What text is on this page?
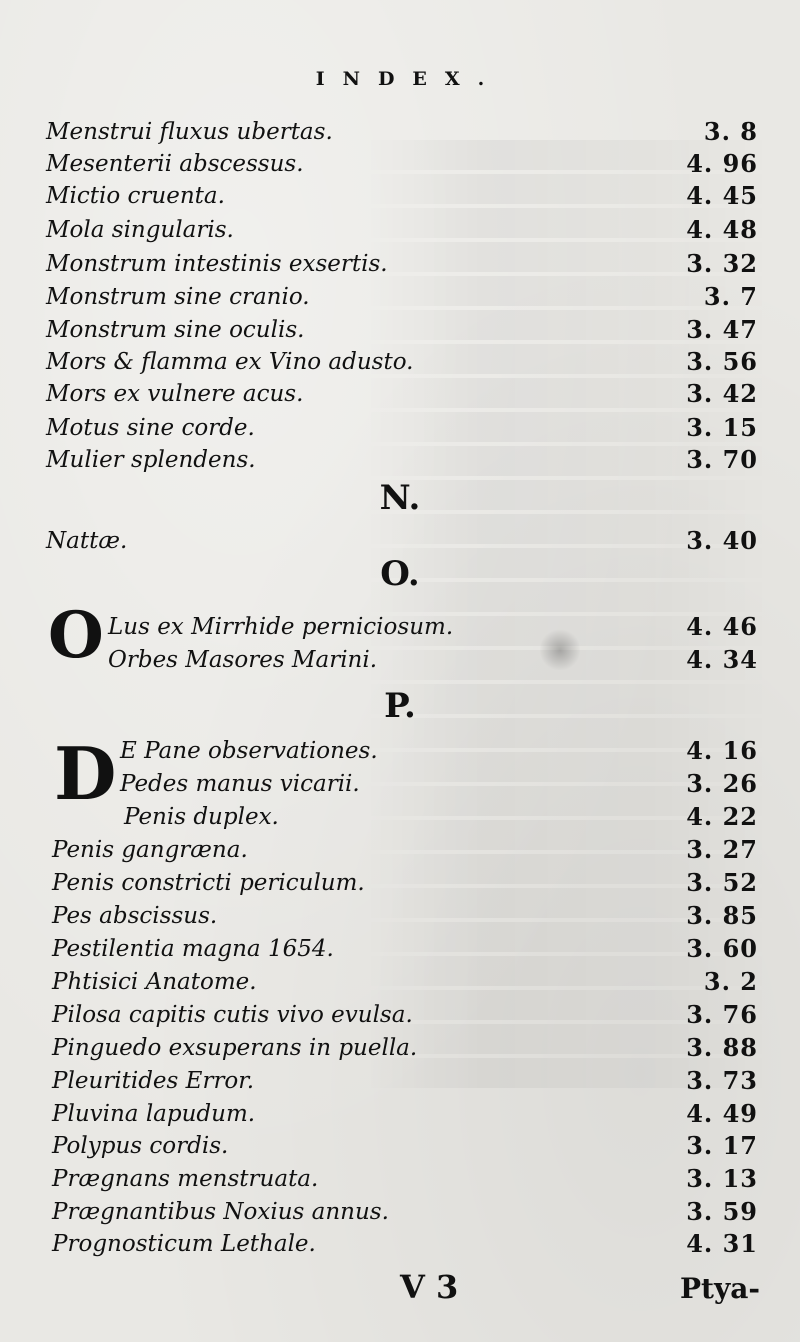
INDEX.
Menstrui fluxus ubertas.	3. 8
Mesenterii abscessus.	4. 96
Mictio cruenta.	4. 45
Mola singularis.	4. 48
Monstrum intestinis exsertis.	3. 32
Monstrum sine cranio.	3. 7
Monstrum sine oculis.	3. 47
Mors & flamma ex Vino adusto.	3. 56
Mors ex vulnere acus.	3. 42
Motus sine corde.	3. 15
Mulier splendens.	3. 70
N.
Nattæ.	3. 40
O.
O Lus ex Mirrhide perniciosum.	4. 46
Orbes Masores Marini.	4. 34
P.
D E Pane observationes.	4. 16
Pedes manus vicarii.	3. 26
Penis duplex.	4. 22
Penis gangræna.	3. 27
Penis constricti periculum.	3. 52
Pes abscissus.	3. 85
Pestilentia magna 1654.	3. 60
Phtisici Anatome.	3. 2
Pilosa capitis cutis vivo evulsa.	3. 76
Pinguedo exsuperans in puella.	3. 88
Pleuritides Error.	3. 73
Pluvina lapudum.	4. 49
Polypus cordis.	3. 17
Prægnans menstruata.	3. 13
Prægnantibus Noxius annus.	3. 59
Prognosticum Lethale.	4. 31
V 3	Ptya-
